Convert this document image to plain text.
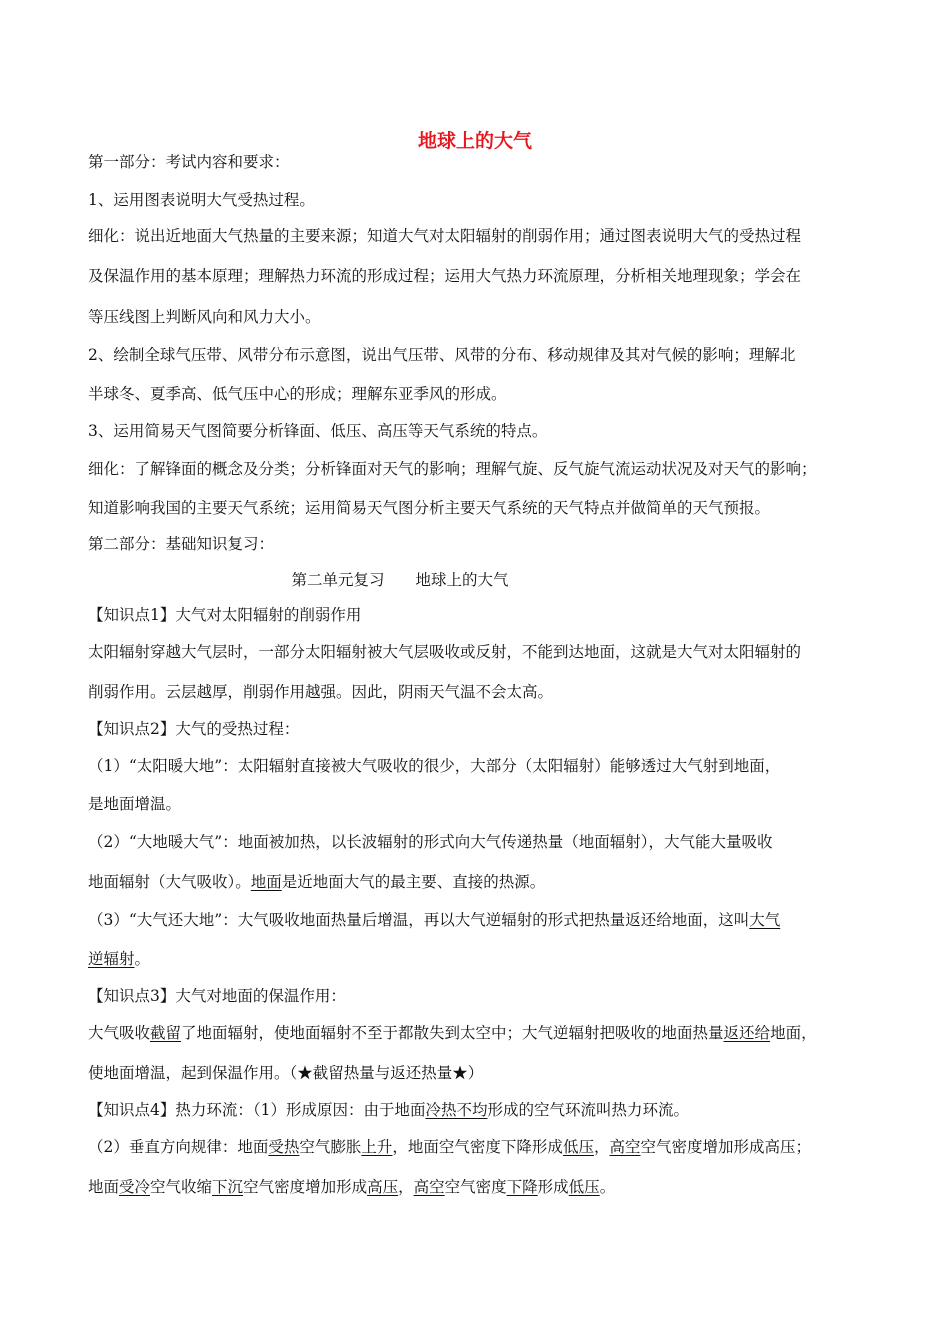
地球上的大气
第一部分：考试内容和要求：
1、运用图表说明大气受热过程。
细化：说出近地面大气热量的主要来源；知道大气对太阳辐射的削弱作用；通过图表说明大气的受热过程
及保温作用的基本原理；理解热力环流的形成过程；运用大气热力环流原理，分析相关地理现象；学会在
等压线图上判断风向和风力大小。
2、绘制全球气压带、风带分布示意图，说出气压带、风带的分布、移动规律及其对气候的影响；理解北
半球冬、夏季高、低气压中心的形成；理解东亚季风的形成。
3、运用简易天气图简要分析锋面、低压、高压等天气系统的特点。
细化：了解锋面的概念及分类；分析锋面对天气的影响；理解气旋、反气旋气流运动状况及对天气的影响；
知道影响我国的主要天气系统；运用简易天气图分析主要天气系统的天气特点并做简单的天气预报。
第二部分：基础知识复习：
第二单元复习　　地球上的大气
【知识点1】大气对太阳辐射的削弱作用
太阳辐射穿越大气层时，一部分太阳辐射被大气层吸收或反射，不能到达地面，这就是大气对太阳辐射的
削弱作用。云层越厚，削弱作用越强。因此，阴雨天气温不会太高。
【知识点2】大气的受热过程：
（1）“太阳暖大地”：太阳辐射直接被大气吸收的很少，大部分（太阳辐射）能够透过大气射到地面，
是地面增温。
（2）“大地暖大气”：地面被加热，以长波辐射的形式向大气传递热量（地面辐射），大气能大量吸收
地面辐射（大气吸收）。地面是近地面大气的最主要、直接的热源。
（3）“大气还大地”：大气吸收地面热量后增温，再以大气逆辐射的形式把热量返还给地面，这叫大气
逆辐射。
【知识点3】大气对地面的保温作用：
大气吸收截留了地面辐射，使地面辐射不至于都散失到太空中；大气逆辐射把吸收的地面热量返还给地面，
使地面增温，起到保温作用。（★截留热量与返还热量★）
【知识点4】热力环流：（1）形成原因：由于地面冷热不均形成的空气环流叫热力环流。
（2）垂直方向规律：地面受热空气膨胀上升，地面空气密度下降形成低压，高空空气密度增加形成高压；
地面受冷空气收缩下沉空气密度增加形成高压，高空空气密度下降形成低压。
